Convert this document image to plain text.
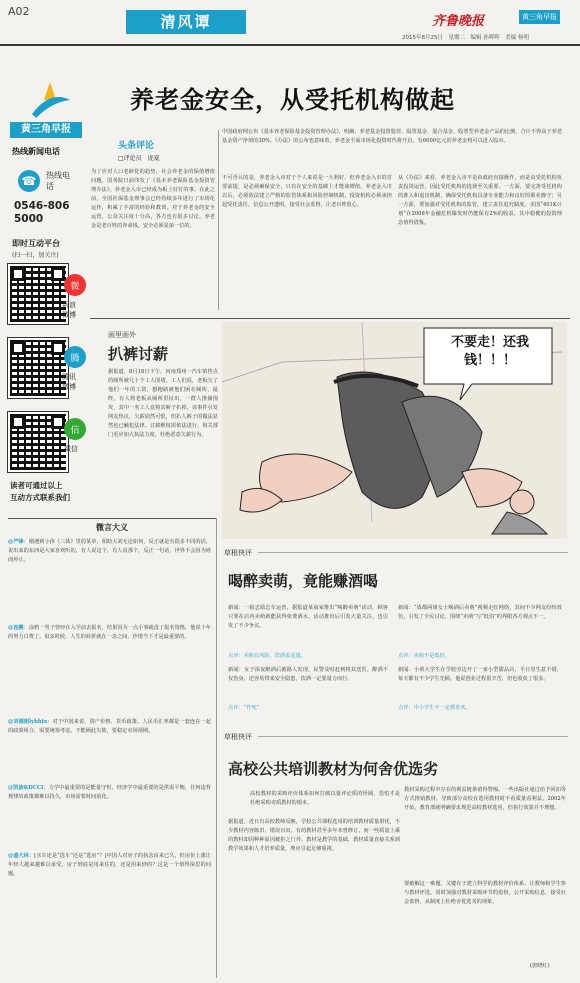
A02
清风谭	齐鲁晚报	黄三角早报
2015年8月25日　星期二　编辑 孙晖晖　美编 杨明
黄三角早报
热线新闻电话
☎	热线电话
0546-8065000
即时互动平台
(扫一扫，加关注)
微
新浪微博
腾
腾讯微博
信
微信
读者可通过以上
互动方式联系我们
养老金安全，从受托机构做起
头条评论
□评论员　庞夏
为了应对人口老龄化的趋势，社会养老金的保值增值问题，国务院日前印发了《基本养老保险基金投资管理办法》，养老金入市已经成为板上钉钉的事。在此之前，全国社保基金理事会已经持续多年进行了市场化运作，积累了丰富的经验和教训。对于养老金的安全运营，公众关注度十分高，各方也有很多讨论。养老金是老百姓的养命钱，安全必须是第一位的。
中国政府网公布《基本养老保险基金投资管理办法》，明确，养老基金投资股票、股票基金、混合基金、股票型养老金产品的比例，合计不得高于养老基金资产净值的30%。《办法》的公布也意味着，养老金全面市场化投资时代将开启，有6000亿元的养老金将可以进入股市。
不可否认的是，养老金入市对于个人来说是一大利好。但养老金入市的首要前提，是必须确保安全，只有在安全的基础上才能谈增值。养老金入市以后，必须依法建立严格的监管体系和风险控制机制，投资机构必须承担起受托责任，信息公开透明，接受社会监督，让老百姓放心。
从《办法》来看，养老金入市不是由政府直接操作，而是由受托机构负责投资运营，因此受托机构的选择至关重要。一方面，要完善受托机构的准入和退出机制，确保受托机构具备专业能力和良好的职业操守；另一方面，要加强对受托机构的监管，建立责任追究制度。美国“401K计划”在2008年金融危机爆发时仍能保有2%的收益，其中稳健的投资理念值得借鉴。
画里画外
扒裤讨薪
据报道，8月18日下午，河南郑州一汽车销售点的厕所被几十个工人围堵，工人们说，老板欠了他们一年的工资，想跑路被他们困在厕所，最终，有人将老板从厕所里扯出，一群人推搡围攻，其中一名工人竟将其裤子扒掉。该事件引发网友热议，欠薪固然可恨，但扒人裤子的做法显然也已触犯法律。讨薪维权需依法进行，相关部门更应加大执法力度，杜绝恶意欠薪行为。
不要走！还我钱！！！
微言大义
@严锋：刚遇到小孩《三体》里的某章，相助大刘无论如何，反正就是有很多不同的话，说出来的东西是大家喜欢听的，有人说这个，有人说那个，反正一句话，世界不会因为谁而停止。
@连鹏：涂鸦一男子曾经在入学前去报名，结果因为一点小事就没了报名资格，他说十年的努力白费了。很多时候，人生的转折就在一念之间，珍惜当下才是最重要的。
@刘德刚lyhhtx：对于中国来说，资产价格、货币政策、人民币汇率都是一套连在一起的政策组合，需要统筹考虑，不能顾此失彼，要稳定市场预期。
@凯旋KDCCI：力学中最重要的是能量守恒，经济学中最重要的是供需平衡，任何违背规律的政策都难以持久，市场需要时间消化。
@盛大林：[买车还是“选车”还是“选房”？]中国人对房子的执念由来已久，但房价上涨让年轻人越来越难以承受，房子到底是用来住的，还是用来炒的？这是一个值得深思的问题。
草根侠评
喝醉卖萌，竟能赚酒喝
新闻：一励志励志车运营，据报道某商家推出“喝醉卖萌”活动，顾客只要在店内卖萌就能获得免费酒水，活动推出后引发大量关注，也引发了不少争议。
点评：卖萌有风险，饮酒需适量。
新闻：女子深夜醉酒后被路人发现，民警及时赶到将其送医。醉酒不仅伤身，还容易带来安全隐患，饮酒一定要量力而行。
点评：“作死”
新闻：“成都两姐女士喝酒后卖萌”视频走红网络，其间不少网友纷纷效仿，引发了全民讨论，围绕“卖萌”与“低俗”的界限各方观点不一。
点评：卖萌不是低俗。
新闻：小黄大学生在学校旁边开了一家小型甜品店，平日里生意不错，每天都有不少学生光顾。他说创业过程很辛苦，但也收获了很多。
点评：中小学生不一定都喜欢。
草根侠评
高校公共培训教材为何舍优选劣
高校教材的采购评价体系如何打破以量评论质的怪圈，恐怕才是杜绝采购劣质教材的根本。
据报道，近日有高校教师反映，学校公共课程选用的培训教材质量堪忧，不少教材内容陈旧、错误百出，有的教材甚至多年未曾修订。而一些质量上乘的教材却因种种原因被拒之门外。教材是教学的基础，教材质量直接关系到教学效果和人才培养质量，理应引起足够重视。
教材采购过程中存在的利益链条值得警惕。一些出版社通过给予回扣等方式推销教材，导致部分高校在选用教材时不看质量看利益。2002年开始，教育部就明确要求规范高校教材选用，但执行效果并不理想。
要破解这一难题，关键在于建立科学的教材评价体系，让教师和学生参与教材评选，同时加强对教材采购环节的监督，公开采购信息，接受社会监督，从制度上杜绝舍优选劣的现象。
(唐晓红)
